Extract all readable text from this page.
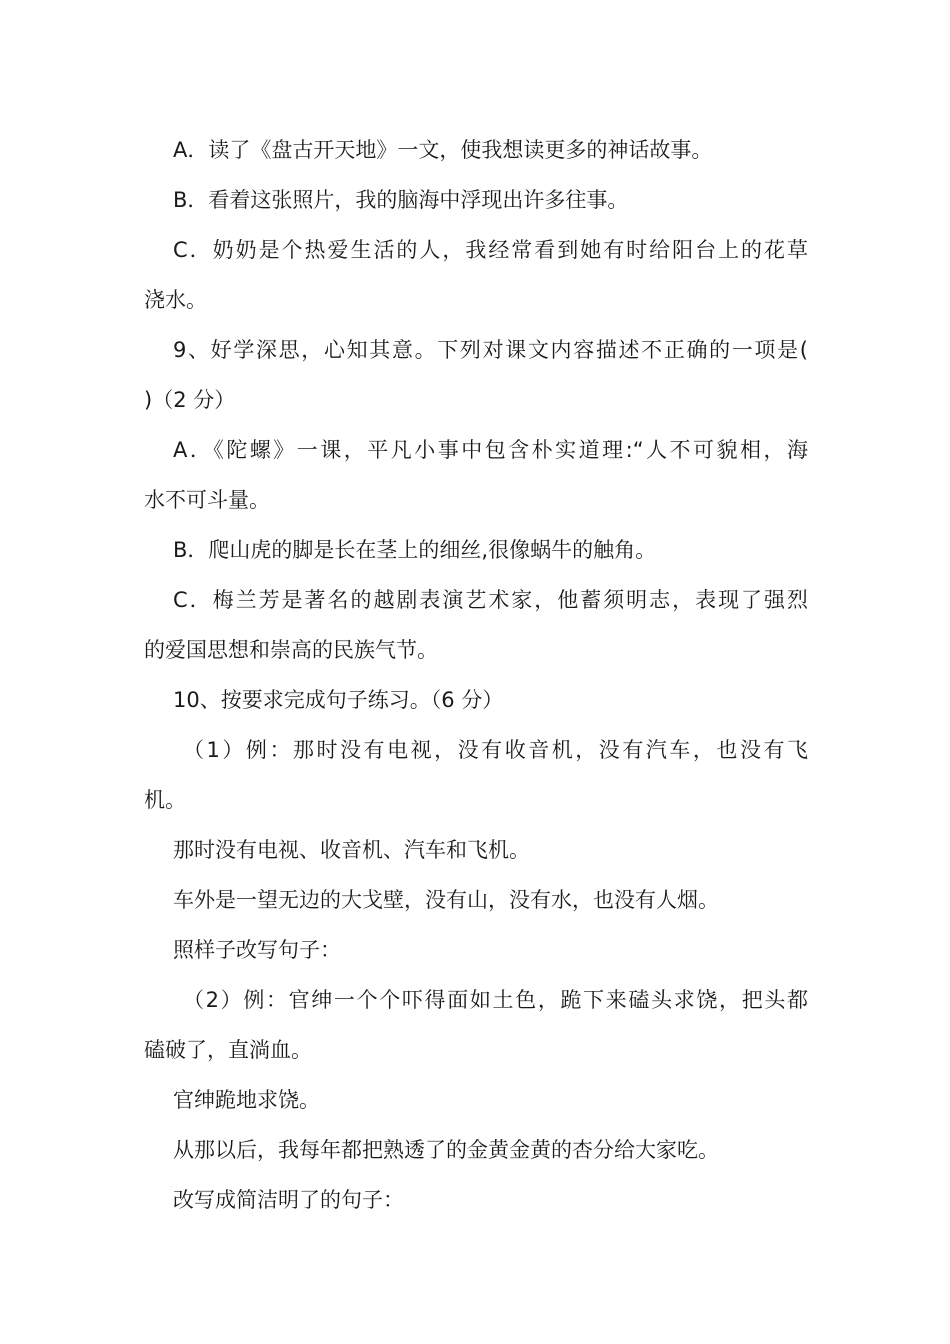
A．读了《盘古开天地》一文，使我想读更多的神话故事。
B．看着这张照片，我的脑海中浮现出许多往事。
C．奶奶是个热爱生活的人，我经常看到她有时给阳台上的花草
浇水。
9、好学深思，心知其意。下列对课文内容描述不正确的一项是(
)（2 分）
A．《陀螺》一课，平凡小事中包含朴实道理:“人不可貌相，海
水不可斗量。
B．爬山虎的脚是长在茎上的细丝,很像蜗牛的触角。
C．梅兰芳是著名的越剧表演艺术家，他蓄须明志，表现了强烈
的爱国思想和崇高的民族气节。
10、按要求完成句子练习。（6 分）
（1）例：那时没有电视，没有收音机，没有汽车，也没有飞
机。
那时没有电视、收音机、汽车和飞机。
车外是一望无边的大戈壁，没有山，没有水，也没有人烟。
照样子改写句子：
（2）例：官绅一个个吓得面如土色，跪下来磕头求饶，把头都
磕破了，直淌血。
官绅跪地求饶。
从那以后，我每年都把熟透了的金黄金黄的杏分给大家吃。
改写成简洁明了的句子：
